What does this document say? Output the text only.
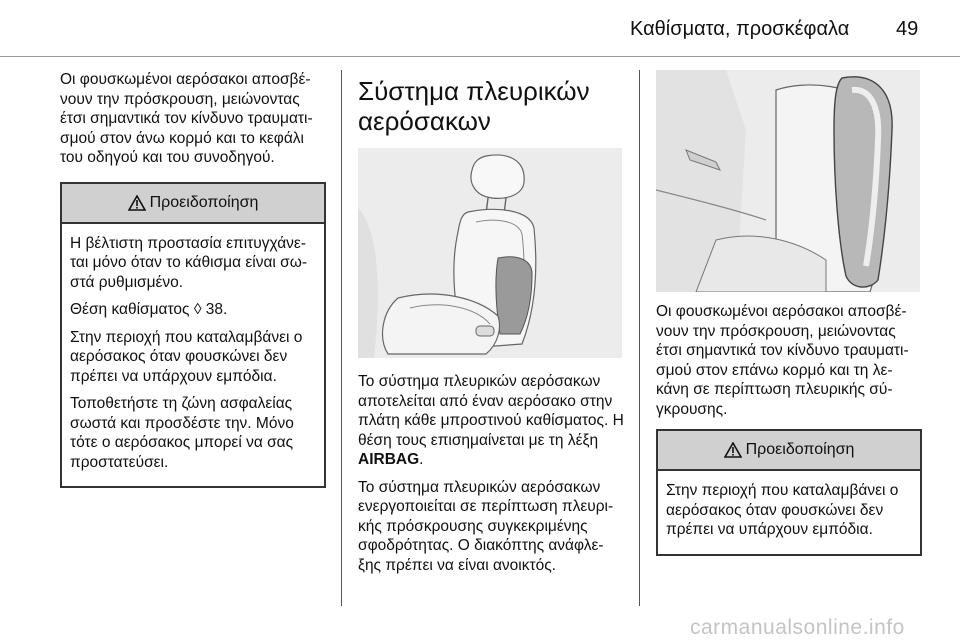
Καθίσματα, προσκέφαλα 49

Οι φουσκωμένοι αερόσακοι αποσβέ-νουν την πρόσκρουση, μειώνοντας έτσι σημαντικά τον κίνδυνο τραυματι-σμού στον άνω κορμό και το κεφάλι του οδηγού και του συνοδηγού.

Προειδοποίηση

Η βέλτιστη προστασία επιτυγχάνε-ται μόνο όταν το κάθισμα είναι σω-στά ρυθμισμένο.

Θέση καθίσματος ◊ 38.

Στην περιοχή που καταλαμβάνει ο αερόσακος όταν φουσκώνει δεν πρέπει να υπάρχουν εμπόδια.

Τοποθετήστε τη ζώνη ασφαλείας σωστά και προσδέστε την. Μόνο τότε ο αερόσακος μπορεί να σας προστατεύσει.

Σύστημα πλευρικών αερόσακων

Το σύστημα πλευρικών αερόσακων αποτελείται από έναν αερόσακο στην πλάτη κάθε μπροστινού καθίσματος. Η θέση τους επισημαίνεται με τη λέξη AIRBAG.

Το σύστημα πλευρικών αερόσακων ενεργοποιείται σε περίπτωση πλευρι-κής πρόσκρουσης συγκεκριμένης σφοδρότητας. Ο διακόπτης ανάφλε-ξης πρέπει να είναι ανοικτός.

Οι φουσκωμένοι αερόσακοι αποσβέ-νουν την πρόσκρουση, μειώνοντας έτσι σημαντικά τον κίνδυνο τραυματι-σμού στον επάνω κορμό και τη λε-κάνη σε περίπτωση πλευρικής σύ-γκρουσης.

Προειδοποίηση

Στην περιοχή που καταλαμβάνει ο αερόσακος όταν φουσκώνει δεν πρέπει να υπάρχουν εμπόδια.

carmanualsonline.info
